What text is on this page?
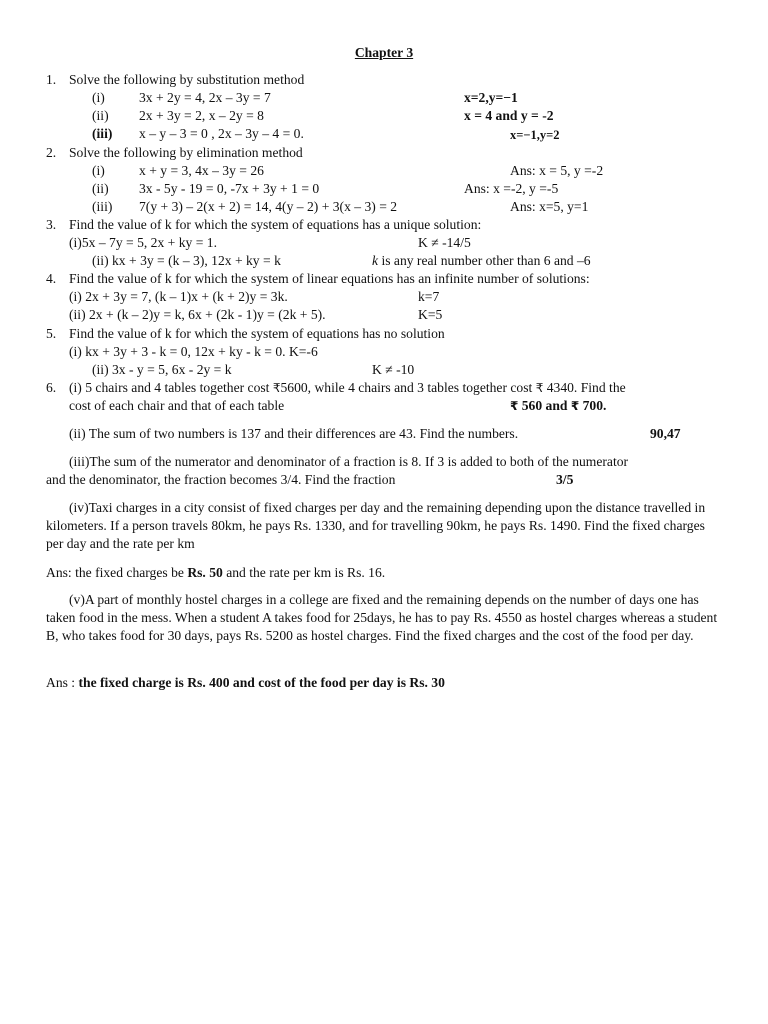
Chapter 3
1. Solve the following by substitution method
(i)	3x + 2y = 4, 2x – 3y = 7	x=2,y=−1
(ii) 2x + 3y = 2, x – 2y = 8	x = 4 and y = -2
(iii) x – y – 3 = 0 , 2x – 3y – 4 = 0.	x=−1,y=2
2. Solve the following by elimination method
(i)	x + y = 3, 4x – 3y = 26	Ans: x = 5, y =-2
(ii) 3x - 5y - 19 = 0, -7x + 3y + 1 = 0	Ans: x =-2, y =-5
(iii) 7(y + 3) – 2(x + 2) = 14, 4(y – 2) + 3(x – 3) = 2	Ans: x=5, y=1
3. Find the value of k for which the system of equations has a unique solution:
(i)5x – 7y = 5, 2x + ky = 1.	K ≠ -14/5
(ii) kx + 3y = (k – 3), 12x + ky = k	k is any real number other than 6 and –6
4. Find the value of k for which the system of linear equations has an infinite number of solutions:
(i) 2x + 3y = 7, (k – 1)x + (k + 2)y = 3k.	k=7
(ii) 2x + (k – 2)y = k, 6x + (2k - 1)y = (2k + 5).	K=5
5. Find the value of k for which the system of equations has no solution
(i) kx + 3y + 3 - k = 0, 12x + ky - k = 0. K=-6
(ii) 3x - y = 5, 6x - 2y = k	K ≠ -10
6. (i) 5 chairs and 4 tables together cost ₹5600, while 4 chairs and 3 tables together cost ₹ 4340. Find the
cost of each chair and that of each table	₹ 560 and ₹ 700.
(ii) The sum of two numbers is 137 and their differences are 43. Find the numbers.	90,47
(iii)The sum of the numerator and denominator of a fraction is 8. If 3 is added to both of the numerator
and the denominator, the fraction becomes 3/4. Find the fraction	3/5
(iv)Taxi charges in a city consist of fixed charges per day and the remaining depending upon the distance travelled in kilometers. If a person travels 80km, he pays Rs. 1330, and for travelling 90km, he pays Rs. 1490. Find the fixed charges per day and the rate per km
Ans: the fixed charges be Rs. 50 and the rate per km is Rs. 16.
(v)A part of monthly hostel charges in a college are fixed and the remaining depends on the number of days one has taken food in the mess. When a student A takes food for 25days, he has to pay Rs. 4550 as hostel charges whereas a student B, who takes food for 30 days, pays Rs. 5200 as hostel charges. Find the fixed charges and the cost of the food per day.
Ans : the fixed charge is Rs. 400 and cost of the food per day is Rs. 30
